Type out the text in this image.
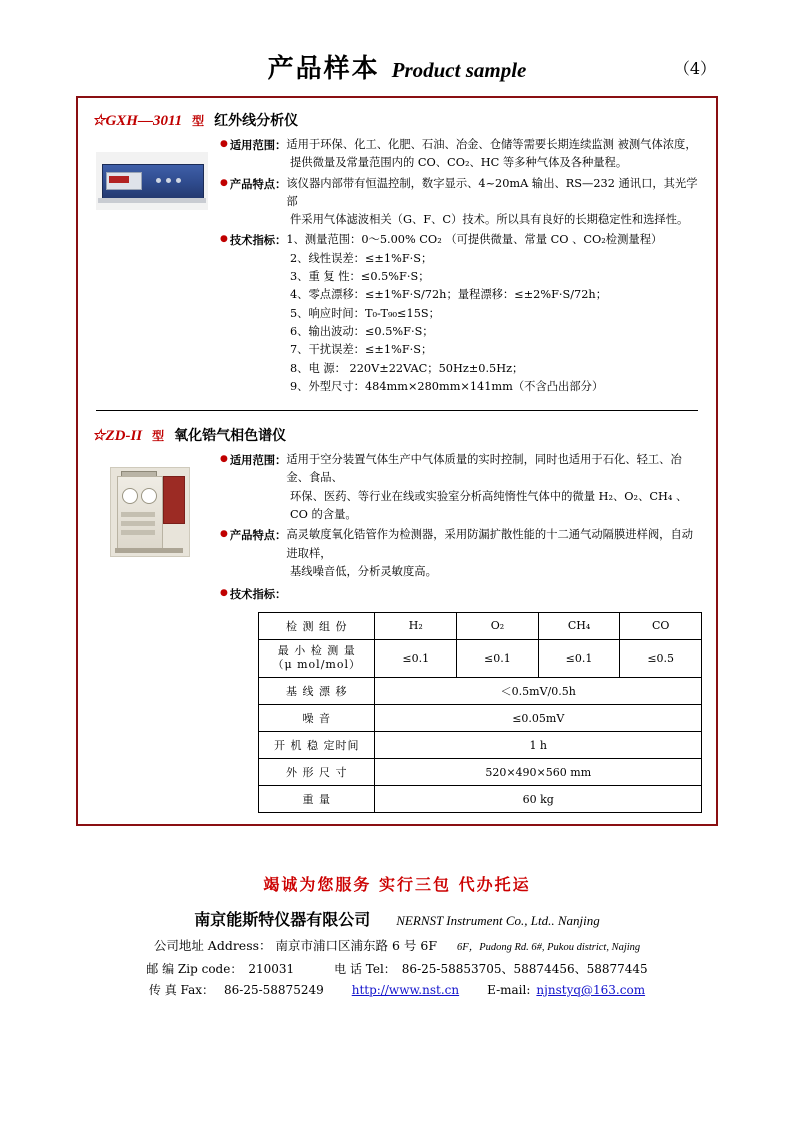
产品样本 Product sample	（4）
☆GXH—3011 型 红外线分析仪
● 适用范围： 适用于环保、化工、化肥、石油、冶金、仓储等需要长期连续监测 被测气体浓度，
提供微量及常量范围内的 CO、CO₂、HC 等多种气体及各种量程。
● 产品特点： 该仪器内部带有恒温控制，数字显示、4~20mA 输出、RS—232 通讯口，其光学部
件采用气体滤波相关（G、F、C）技术。所以具有良好的长期稳定性和选择性。
● 技术指标： 1、测量范围：0～5.00% CO₂ （可提供微量、常量 CO 、CO₂检测量程）
2、线性误差：≤±1%F·S；
3、重 复 性：≤0.5%F·S；
4、零点漂移：≤±1%F·S/72h；量程漂移：≤±2%F·S/72h；
5、响应时间：T₀-T₉₀≤15S；
6、输出波动：≤0.5%F·S；
7、干扰误差：≤±1%F·S；
8、电 源： 220V±22VAC；50Hz±0.5Hz；
9、外型尺寸：484mm×280mm×141mm（不含凸出部分）
☆ZD-II 型 氧化锆气相色谱仪
● 适用范围： 适用于空分装置气体生产中气体质量的实时控制，同时也适用于石化、轻工、冶金、食品、
环保、医药、等行业在线或实验室分析高纯惰性气体中的微量 H₂、O₂、CH₄ 、 CO 的含量。
● 产品特点： 高灵敏度氧化锆管作为检测器，采用防漏扩散性能的十二通气动隔膜进样阀，自动进取样，
基线噪音低，分析灵敏度高。
● 技术指标：
检 测 组 份	H₂	O₂	CH₄	CO

最 小 检 测 量
（μ mol/mol）	≤0.1	≤0.1	≤0.1	≤0.5
基 线 漂 移	＜0.5mV/0.5h			
噪 音	≤0.05mV			
开 机 稳 定时间	1 h			
外 形 尺 寸	520×490×560 mm			
重 量	60 kg			
竭诚为您服务 实行三包 代办托运
南京能斯特仪器有限公司 NERNST Instrument Co., Ltd.. Nanjing
公司地址 Address： 南京市浦口区浦东路 6 号 6F 6F，Pudong Rd. 6#, Pukou district, Najing
邮 编 Zip code： 210031	电 话 Tel： 86-25-58853705、58874456、58877445
传 真 Fax： 86-25-58875249 http://www.nst.cn E-mail: njnstyq@163.com
